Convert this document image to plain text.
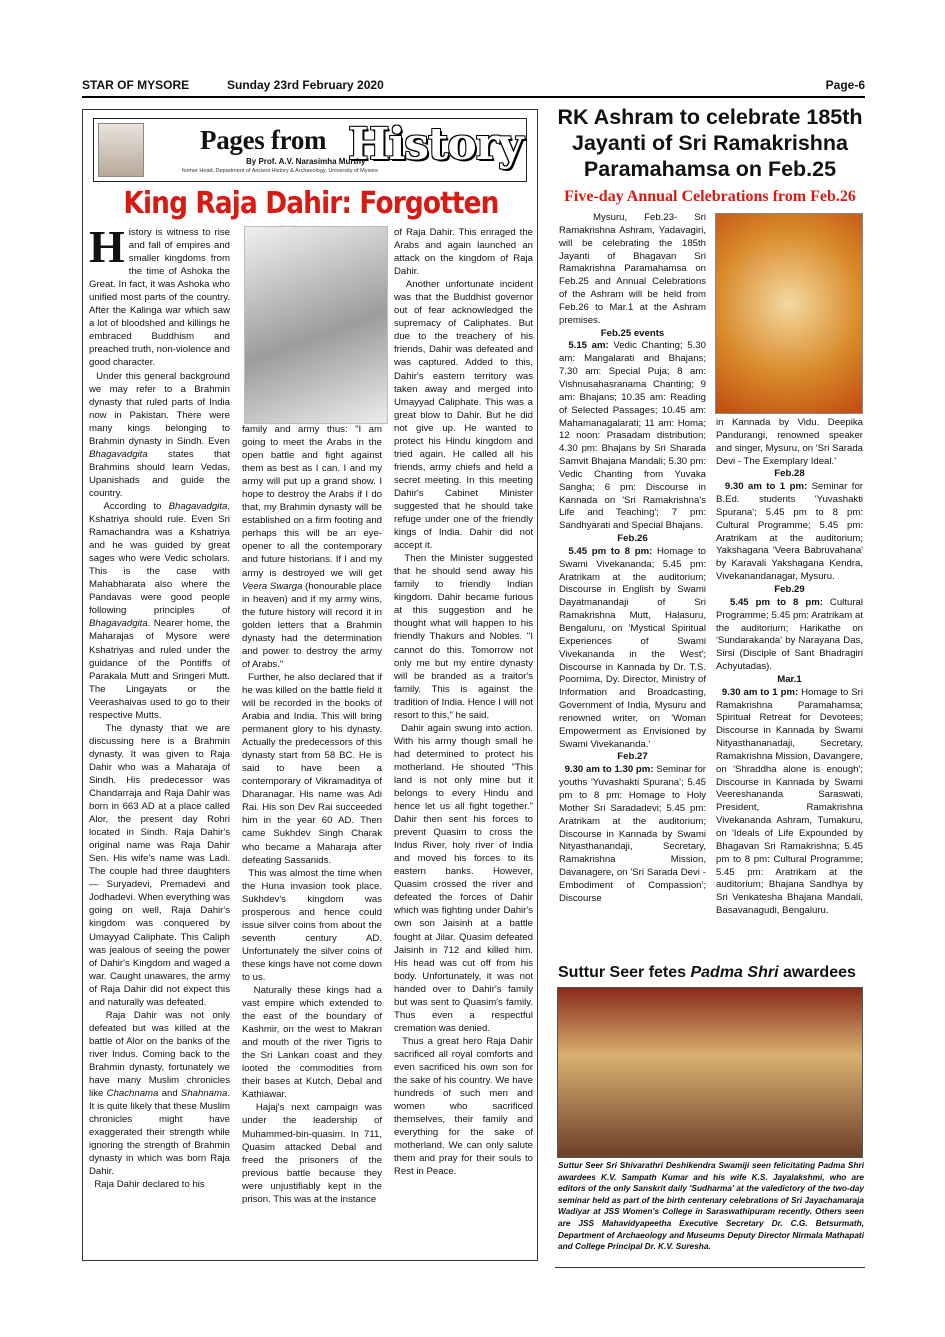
STAR OF MYSORE	Sunday 23rd February 2020	Page-6
Pages from History
By Prof. A.V. Narasimha Murthy
former Head, Department of Ancient History & Archaeology, University of Mysore
King Raja Dahir: Forgotten

History is witness to rise and fall of empires and smaller kingdoms from the time of Ashoka the Great. In fact, it was Ashoka who unified most parts of the country. After the Kalinga war which saw a lot of bloodshed and killings he embraced Buddhism and preached truth, non-violence and good character.

Under this general background we may refer to a Brahmin dynasty that ruled parts of India now in Pakistan. There were many kings belonging to Brahmin dynasty in Sindh. Even Bhagavadgita states that Brahmins should learn Vedas, Upanishads and guide the country.

According to Bhagavadgita, Kshatriya should rule. Even Sri Ramachandra was a Kshatriya and he was guided by great sages who were Vedic scholars. This is the case with Mahabharata also where the Pandavas were good people following principles of Bhagavadgita. Nearer home, the Maharajas of Mysore were Kshatriyas and ruled under the guidance of the Pontiffs of Parakala Mutt and Sringeri Mutt. The Lingayats or the Veerashaivas used to go to their respective Mutts.

The dynasty that we are discussing here is a Brahmin dynasty. It was given to Raja Dahir who was a Maharaja of Sindh. His predecessor was Chandarraja and Raja Dahir was born in 663 AD at a place called Alor, the present day Rohri located in Sindh. Raja Dahir's original name was Raja Dahir Sen. His wife's name was Ladi. The couple had three daughters — Suryadevi, Premadevi and Jodhadevi. When everything was going on well, Raja Dahir's kingdom was conquered by Umayyad Caliphate. This Caliph was jealous of seeing the power of Dahir's Kingdom and waged a war. Caught unawares, the army of Raja Dahir did not expect this and naturally was defeated.

Raja Dahir was not only defeated but was killed at the battle of Alor on the banks of the river Indus. Coming back to the Brahmin dynasty, fortunately we have many Muslim chronicles like Chachnama and Shahnama. It is quite likely that these Muslim chronicles might have exaggerated their strength while ignoring the strength of Brahmin dynasty in which was born Raja Dahir.

Raja Dahir declared to his

family and army thus: "I am going to meet the Arabs in the open battle and fight against them as best as I can. I and my army will put up a grand show. I hope to destroy the Arabs if I do that, my Brahmin dynasty will be established on a firm footing and perhaps this will be an eye- opener to all the contemporary and future historians. If I and my army is destroyed we will get Veera Swarga (honourable place in heaven) and if my army wins, the future history will record it in golden letters that a Brahmin dynasty had the determination and power to destroy the army of Arabs."

Further, he also declared that if he was killed on the battle field it will be recorded in the books of Arabia and India. This will bring permanent glory to his dynasty. Actually the predecessors of this dynasty start from 58 BC. He is said to have been a contemporary of Vikramaditya of Dharanagar. His name was Adi Rai. His son Dev Rai succeeded him in the year 60 AD. Then came Sukhdev Singh Charak who became a Maharaja after defeating Sassanids.

This was almost the time when the Huna invasion took place. Sukhdev's kingdom was prosperous and hence could issue silver coins from about the seventh century AD. Unfortunately the silver coins of these kings have not come down to us.

Naturally these kings had a vast empire which extended to the east of the boundary of Kashmir, on the west to Makran and mouth of the river Tigris to the Sri Lankan coast and they looted the commodities from their bases at Kutch, Debal and Kathiawar.

Hajaj's next campaign was under the leadership of Muhammed-bin-quasim. In 711, Quasim attacked Debal and freed the prisoners of the previous battle because they were unjustifiably kept in the prison. This was at the instance

of Raja Dahir. This enraged the Arabs and again launched an attack on the kingdom of Raja Dahir.

Another unfortunate incident was that the Buddhist governor out of fear acknowledged the supremacy of Caliphates. But due to the treachery of his friends, Dahir was defeated and was captured. Added to this, Dahir's eastern territory was taken away and merged into Umayyad Caliphate. This was a great blow to Dahir. But he did not give up. He wanted to protect his Hindu kingdom and tried again. He called all his friends, army chiefs and held a secret meeting. In this meeting Dahir's Cabinet Minister suggested that he should take refuge under one of the friendly kings of India. Dahir did not accept it.

Then the Minister suggested that he should send away his family to friendly Indian kingdom. Dahir became furious at this suggestion and he thought what will happen to his friendly Thakurs and Nobles. "I cannot do this. Tomorrow not only me but my entire dynasty will be branded as a traitor's family. This is against the tradition of India. Hence I will not resort to this," he said.

Dahir again swung into action. With his army though small he had determined to protect his motherland. He shouted "This land is not only mine but it belongs to every Hindu and hence let us all fight together." Dahir then sent his forces to prevent Quasim to cross the Indus River, holy river of India and moved his forces to its eastern banks. However, Quasim crossed the river and defeated the forces of Dahir which was fighting under Dahir's own son Jaisinh at a battle fought at Jilar. Quasim defeated Jaisinh in 712 and killed him. His head was cut off from his body. Unfortunately, it was not handed over to Dahir's family but was sent to Quasim's family. Thus even a respectful cremation was denied.

Thus a great hero Raja Dahir sacrificed all royal comforts and even sacrificed his own son for the sake of his country. We have hundreds of such men and women who sacrificed themselves, their family and everything for the sake of motherland. We can only salute them and pray for their souls to Rest in Peace.

RK Ashram to celebrate 185th Jayanti of Sri Ramakrishna Paramahamsa on Feb.25
Five-day Annual Celebrations from Feb.26
Mysuru, Feb.23- Sri Ramakrishna Ashram, Yadavagiri, will be celebrating the 185th Jayanti of Bhagavan Sri Ramakrishna Paramahamsa on Feb.25 and Annual Celebrations of the Ashram will be held from Feb.26 to Mar.1 at the Ashram premises.
Feb.25 events
5.15 am: Vedic Chanting; 5.30 am: Mangalarati and Bhajans; 7.30 am: Special Puja; 8 am: Vishnusahasranama Chanting; 9 am: Bhajans; 10.35 am: Reading of Selected Passages; 10.45 am: Mahamanagalarati; 11 am: Homa; 12 noon: Prasadam distribution; 4.30 pm: Bhajans by Sri Sharada Samvit Bhajana Mandali; 5.30 pm: Vedic Chanting from Yuvaka Sangha; 6 pm: Discourse in Kannada on 'Sri Ramakrishna's Life and Teaching'; 7 pm: Sandhyarati and Special Bhajans.
Feb.26
5.45 pm to 8 pm: Homage to Swami Vivekananda; 5.45 pm: Aratrikam at the auditorium; Discourse in English by Swami Dayatmanandaji of Sri Ramakrishna Mutt, Halasuru, Bengaluru, on 'Mystical Spiritual Experiences of Swami Vivekananda in the West'; Discourse in Kannada by Dr. T.S. Poornima, Dy. Director, Ministry of Information and Broadcasting, Government of India, Mysuru and renowned writer, on 'Woman Empowerment as Envisioned by Swami Vivekananda.'
Feb.27
9.30 am to 1.30 pm: Seminar for youths 'Yuvashakti Spurana'; 5.45 pm to 8 pm: Homage to Holy Mother Sri Saradadevi; 5.45 pm: Aratrikam at the auditorium; Discourse in Kannada by Swami Nityasthanandaji, Secretary, Ramakrishna Mission, Davanagere, on 'Sri Sarada Devi - Embodiment of Compassion'; Discourse
in Kannada by Vidu. Deepika Pandurangi, renowned speaker and singer, Mysuru, on 'Sri Sarada Devi - The Exemplary Ideal.'
Feb.28
9.30 am to 1 pm: Seminar for B.Ed. students 'Yuvashakti Spurana'; 5.45 pm to 8 pm: Cultural Programme; 5.45 pm: Aratrikam at the auditorium; Yakshagana 'Veera Babruvahana' by Karavali Yakshagana Kendra, Vivekanandanagar, Mysuru.
Feb.29
5.45 pm to 8 pm: Cultural Programme; 5.45 pm: Aratrikam at the auditorium; Harikathe on 'Sundarakanda' by Narayana Das, Sirsi (Disciple of Sant Bhadragiri Achyutadas).
Mar.1
9.30 am to 1 pm: Homage to Sri Ramakrishna Paramahamsa; Spiritual Retreat for Devotees; Discourse in Kannada by Swami Nityasthananadaji, Secretary, Ramakrishna Mission, Davangere, on 'Shraddha alone is enough'; Discourse in Kannada by Swami Veereshananda Saraswati, President, Ramakrishna Vivekananda Ashram, Tumakuru, on 'Ideals of Life Expounded by Bhagavan Sri Ramakrishna; 5.45 pm to 8 pm: Cultural Programme; 5.45 pm: Aratrikam at the auditorium; Bhajana Sandhya by Sri Venkatesha Bhajana Mandali, Basavanagudi, Bengaluru.
Suttur Seer fetes Padma Shri awardees
Suttur Seer Sri Shivarathri Deshikendra Swamiji seen felicitating Padma Shri awardees K.V. Sampath Kumar and his wife K.S. Jayalakshmi, who are editors of the only Sanskrit daily 'Sudharma' at the valedictory of the two-day seminar held as part of the birth centenary celebrations of Sri Jayachamaraja Wadiyar at JSS Women's College in Saraswathipuram recently. Others seen are JSS Mahavidyapeetha Executive Secretary Dr. C.G. Betsurmath, Department of Archaeology and Museums Deputy Director Nirmala Mathapati and College Principal Dr. K.V. Suresha.
